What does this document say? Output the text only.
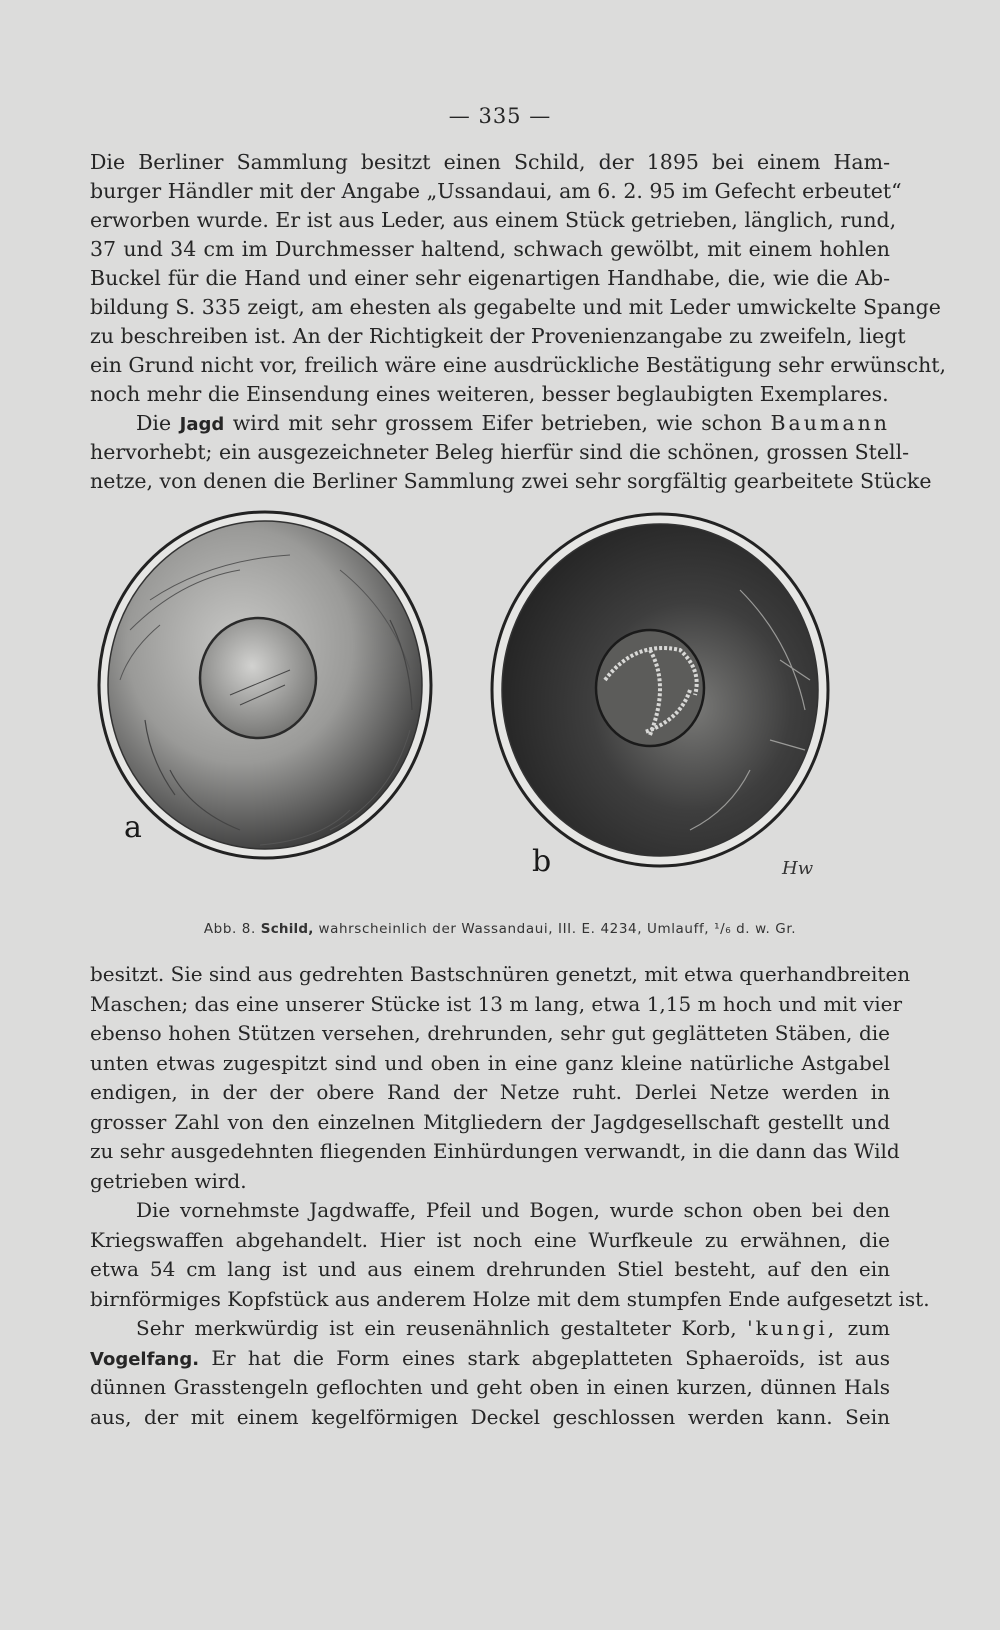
— 335 —
Die Berliner Sammlung besitzt einen Schild, der 1895 bei einem Ham-
burger Händler mit der Angabe „Ussandaui, am 6. 2. 95 im Gefecht erbeutet“
erworben wurde. Er ist aus Leder, aus einem Stück getrieben, länglich, rund,
37 und 34 cm im Durchmesser haltend, schwach gewölbt, mit einem hohlen
Buckel für die Hand und einer sehr eigenartigen Handhabe, die, wie die Ab-
bildung S. 335 zeigt, am ehesten als gegabelte und mit Leder umwickelte Spange
zu beschreiben ist. An der Richtigkeit der Provenienzangabe zu zweifeln, liegt
ein Grund nicht vor, freilich wäre eine ausdrückliche Bestätigung sehr erwünscht,
noch mehr die Einsendung eines weiteren, besser beglaubigten Exemplares.
Die Jagd wird mit sehr grossem Eifer betrieben, wie schon Baumann
hervorhebt; ein ausgezeichneter Beleg hierfür sind die schönen, grossen Stell-
netze, von denen die Berliner Sammlung zwei sehr sorgfältig gearbeitete Stücke
a
b	Hw
Abb. 8. Schild, wahrscheinlich der Wassandaui, III. E. 4234, Umlauff, ¹/₆ d. w. Gr.
besitzt. Sie sind aus gedrehten Bastschnüren genetzt, mit etwa querhandbreiten
Maschen; das eine unserer Stücke ist 13 m lang, etwa 1,15 m hoch und mit vier
ebenso hohen Stützen versehen, drehrunden, sehr gut geglätteten Stäben, die
unten etwas zugespitzt sind und oben in eine ganz kleine natürliche Astgabel
endigen, in der der obere Rand der Netze ruht. Derlei Netze werden in
grosser Zahl von den einzelnen Mitgliedern der Jagdgesellschaft gestellt und
zu sehr ausgedehnten fliegenden Einhürdungen verwandt, in die dann das Wild
getrieben wird.
Die vornehmste Jagdwaffe, Pfeil und Bogen, wurde schon oben bei den
Kriegswaffen abgehandelt. Hier ist noch eine Wurfkeule zu erwähnen, die
etwa 54 cm lang ist und aus einem drehrunden Stiel besteht, auf den ein
birnförmiges Kopfstück aus anderem Holze mit dem stumpfen Ende aufgesetzt ist.
Sehr merkwürdig ist ein reusenähnlich gestalteter Korb, 'kungi, zum
Vogelfang. Er hat die Form eines stark abgeplatteten Sphaeroïds, ist aus
dünnen Grasstengeln geflochten und geht oben in einen kurzen, dünnen Hals
aus, der mit einem kegelförmigen Deckel geschlossen werden kann. Sein
